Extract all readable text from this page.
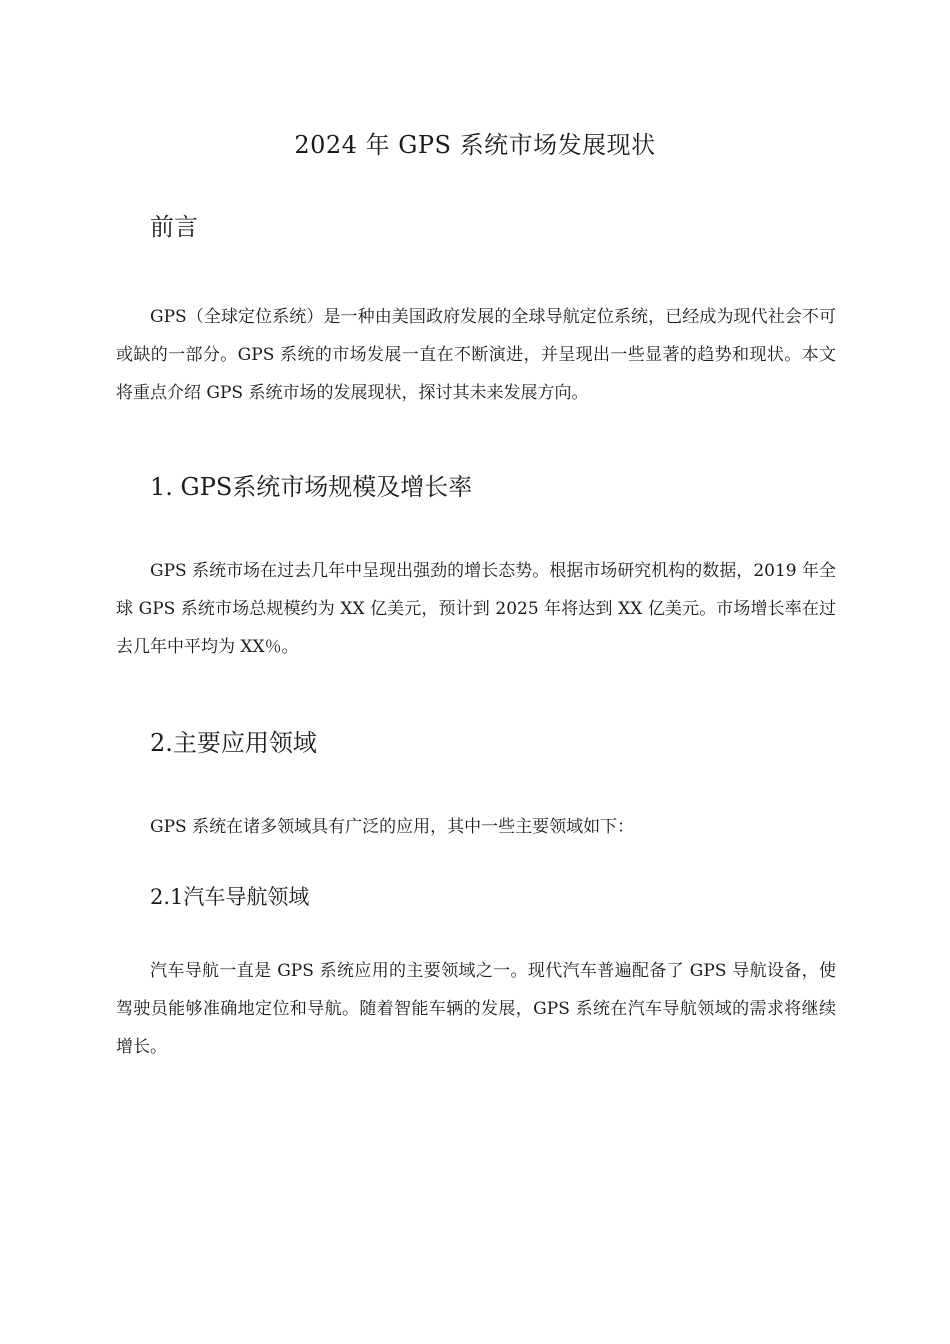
2024 年 GPS 系统市场发展现状
前言

GPS（全球定位系统）是一种由美国政府发展的全球导航定位系统，已经成为现代社会不可或缺的一部分。GPS 系统的市场发展一直在不断演进，并呈现出一些显著的趋势和现状。本文将重点介绍 GPS 系统市场的发展现状，探讨其未来发展方向。

1. GPS系统市场规模及增长率

GPS 系统市场在过去几年中呈现出强劲的增长态势。根据市场研究机构的数据，2019 年全球 GPS 系统市场总规模约为 XX 亿美元，预计到 2025 年将达到 XX 亿美元。市场增长率在过去几年中平均为 XX％。

2.主要应用领域

GPS 系统在诸多领域具有广泛的应用，其中一些主要领域如下：

2.1汽车导航领域

汽车导航一直是 GPS 系统应用的主要领域之一。现代汽车普遍配备了 GPS 导航设备，使驾驶员能够准确地定位和导航。随着智能车辆的发展，GPS 系统在汽车导航领域的需求将继续增长。
